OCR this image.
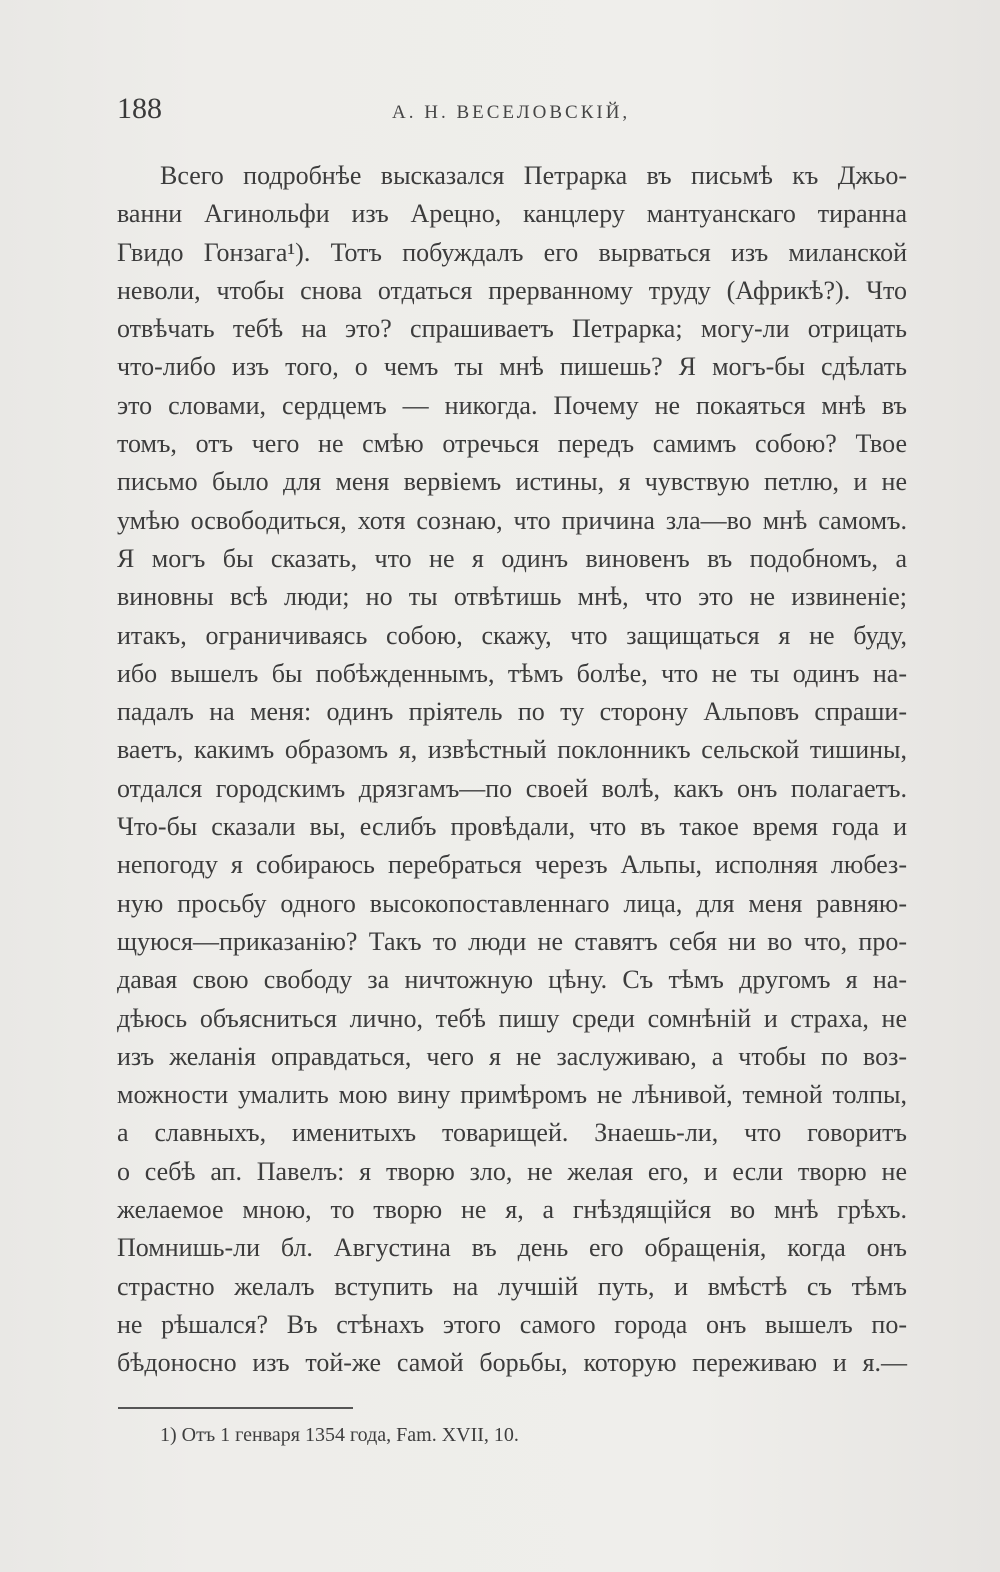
188	А. Н. ВЕСЕЛОВСКІЙ,
Всего подробнѣе высказался Петрарка въ письмѣ къ Джьо-
ванни Агинольфи изъ Арецно, канцлеру мантуанскаго тиранна
Гвидо Гонзага¹). Тотъ побуждалъ его вырваться изъ миланской
неволи, чтобы снова отдаться прерванному труду (Африкѣ?). Что
отвѣчать тебѣ на это? спрашиваетъ Петрарка; могу-ли отрицать
что-либо изъ того, о чемъ ты мнѣ пишешь? Я могъ-бы сдѣлать
это словами, сердцемъ — никогда. Почему не покаяться мнѣ въ
томъ, отъ чего не смѣю отречься передъ самимъ собою? Твое
письмо было для меня вервіемъ истины, я чувствую петлю, и не
умѣю освободиться, хотя сознаю, что причина зла—во мнѣ самомъ.
Я могъ бы сказать, что не я одинъ виновенъ въ подобномъ, а
виновны всѣ люди; но ты отвѣтишь мнѣ, что это не извиненіе;
итакъ, ограничиваясь собою, скажу, что защищаться я не буду,
ибо вышелъ бы побѣжденнымъ, тѣмъ болѣе, что не ты одинъ на-
падалъ на меня: одинъ пріятель по ту сторону Альповъ спраши-
ваетъ, какимъ образомъ я, извѣстный поклонникъ сельской тишины,
отдался городскимъ дрязгамъ—по своей волѣ, какъ онъ полагаетъ.
Что-бы сказали вы, еслибъ провѣдали, что въ такое время года и
непогоду я собираюсь перебраться черезъ Альпы, исполняя любез-
ную просьбу одного высокопоставленнаго лица, для меня равняю-
щуюся—приказанію? Такъ то люди не ставятъ себя ни во что, про-
давая свою свободу за ничтожную цѣну. Съ тѣмъ другомъ я на-
дѣюсь объясниться лично, тебѣ пишу среди сомнѣній и страха, не
изъ желанія оправдаться, чего я не заслуживаю, а чтобы по воз-
можности умалить мою вину примѣромъ не лѣнивой, темной толпы,
а славныхъ, именитыхъ товарищей. Знаешь-ли, что говоритъ
о себѣ ап. Павелъ: я творю зло, не желая его, и если творю не
желаемое мною, то творю не я, а гнѣздящійся во мнѣ грѣхъ.
Помнишь-ли бл. Августина въ день его обращенія, когда онъ
страстно желалъ вступить на лучшій путь, и вмѣстѣ съ тѣмъ
не рѣшался? Въ стѣнахъ этого самого города онъ вышелъ по-
бѣдоносно изъ той-же самой борьбы, которую переживаю и я.—
1) Отъ 1 генваря 1354 года, Fam. XVII, 10.
